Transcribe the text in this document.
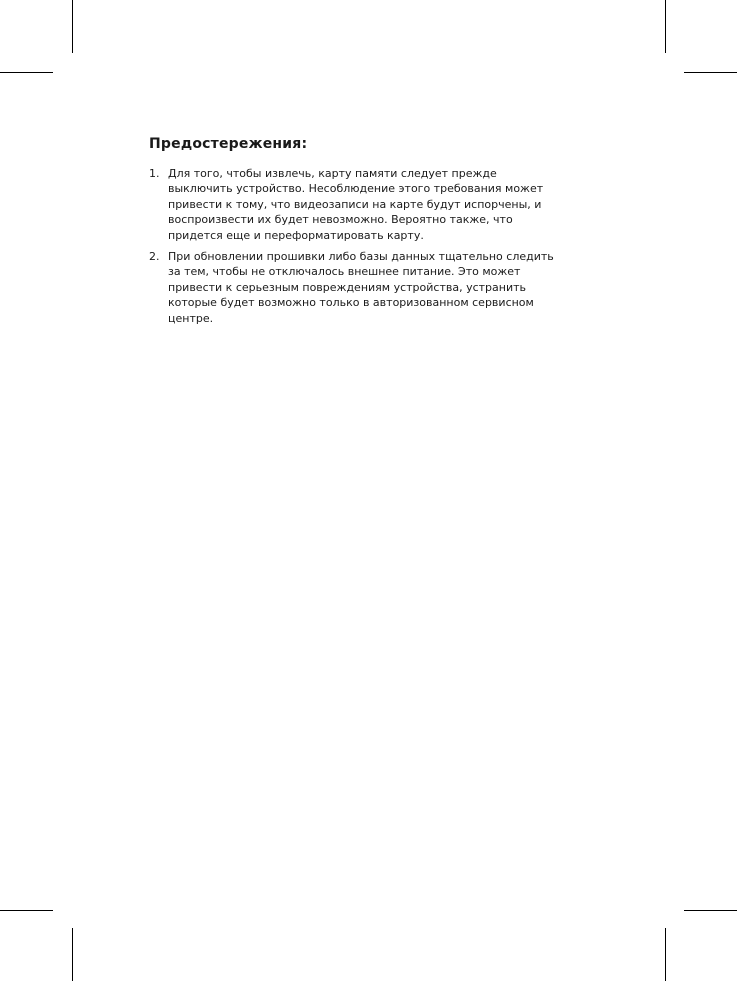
Предостережения:
1. Для того, чтобы извлечь, карту памяти следует прежде
выключить устройство. Несоблюдение этого требования может
привести к тому, что видеозаписи на карте будут испорчены, и
воспроизвести их будет невозможно. Вероятно также, что
придется еще и переформатировать карту.
2. При обновлении прошивки либо базы данных тщательно следить
за тем, чтобы не отключалось внешнее питание. Это может
привести к серьезным повреждениям устройства, устранить
которые будет возможно только в авторизованном сервисном
центре.
